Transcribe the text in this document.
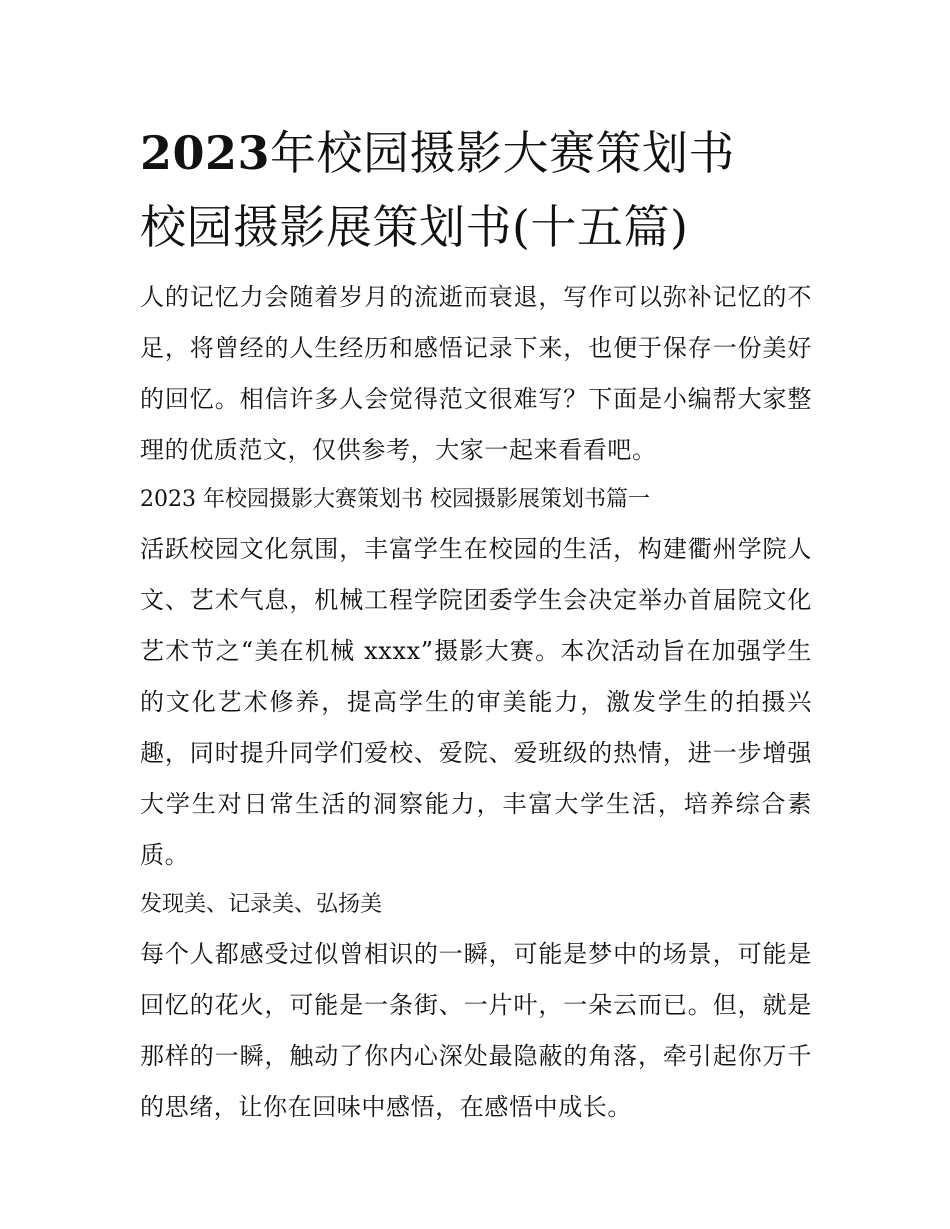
2023年校园摄影大赛策划书

校园摄影展策划书(十五篇)

人的记忆力会随着岁月的流逝而衰退，写作可以弥补记忆的不足，将曾经的人生经历和感悟记录下来，也便于保存一份美好的回忆。相信许多人会觉得范文很难写？下面是小编帮大家整理的优质范文，仅供参考，大家一起来看看吧。

2023 年校园摄影大赛策划书 校园摄影展策划书篇一

活跃校园文化氛围，丰富学生在校园的生活，构建衢州学院人文、艺术气息，机械工程学院团委学生会决定举办首届院文化艺术节之“美在机械 xxxx”摄影大赛。本次活动旨在加强学生的文化艺术修养，提高学生的审美能力，激发学生的拍摄兴趣，同时提升同学们爱校、爱院、爱班级的热情，进一步增强大学生对日常生活的洞察能力，丰富大学生活，培养综合素质。

发现美、记录美、弘扬美

每个人都感受过似曾相识的一瞬，可能是梦中的场景，可能是回忆的花火，可能是一条街、一片叶，一朵云而已。但，就是那样的一瞬，触动了你内心深处最隐蔽的角落，牵引起你万千的思绪，让你在回味中感悟，在感悟中成长。
